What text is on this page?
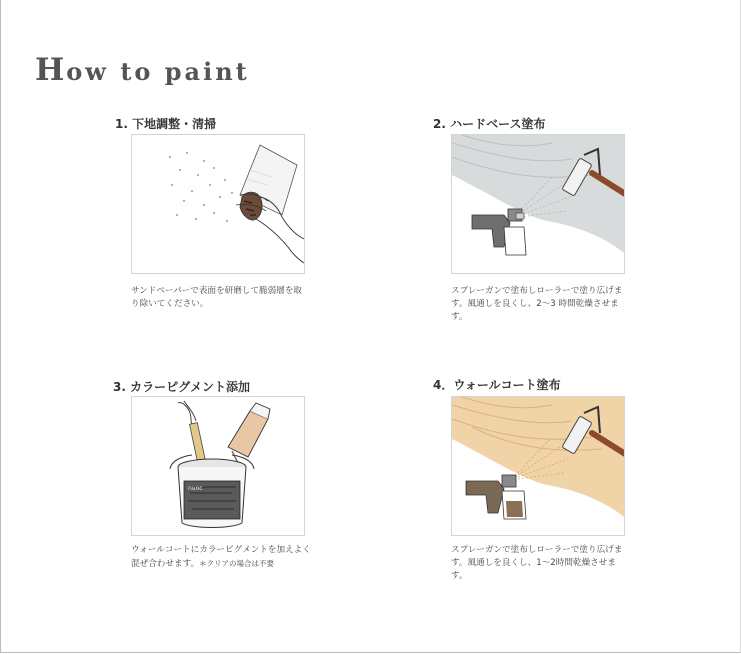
How to paint
1. 下地調整・清掃

サンドペーパーで表面を研磨して脆弱層を取り除いてください。

2. ハードベース塗布

スプレーガンで塗布しローラーで塗り広げます。風通しを良くし、2〜3 時間乾燥させます。

3. カラーピグメント添加
nuoc

ウォールコートにカラーピグメントを加えよく混ぜ合わせます。＊クリアの場合は不要

4．ウォールコート塗布

スプレーガンで塗布しローラーで塗り広げます。風通しを良くし、1〜2時間乾燥させます。
